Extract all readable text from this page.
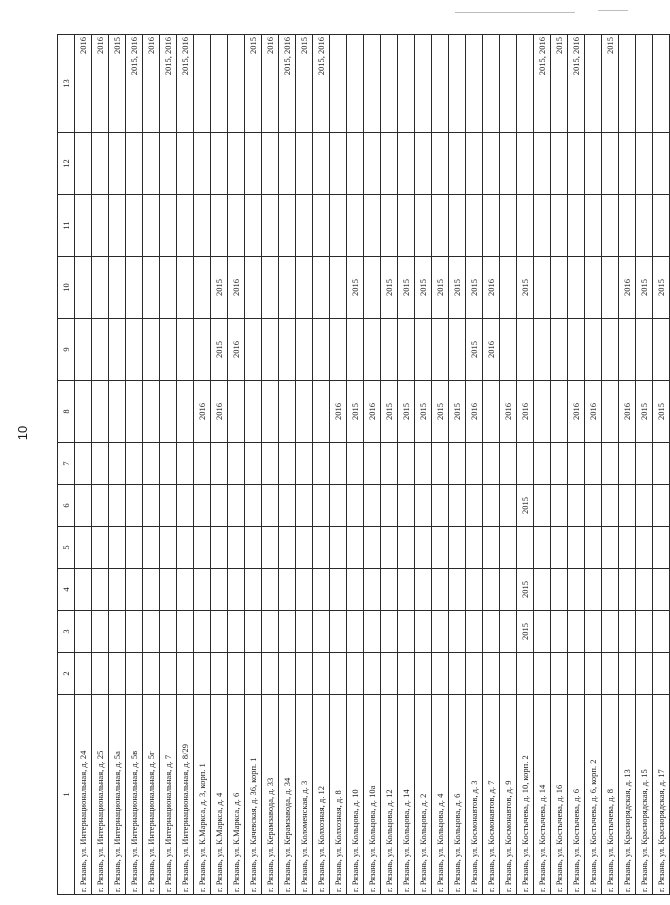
10
1	2	3	4	5	6	7	8	9	10	11	12	13
г. Рязань, ул. Интернациональная, д. 24												2016
г. Рязань, ул. Интернациональная, д. 25												2016
г. Рязань, ул. Интернациональная, д. 5а												2015
г. Рязань, ул. Интернациональная, д. 5в												2015, 2016
г. Рязань, ул. Интернациональная, д. 5г												2016
г. Рязань, ул. Интернациональная, д. 7												2015, 2016
г. Рязань, ул. Интернациональная, д. 8/29												2015, 2016
г. Рязань, ул. К.Маркса, д. 3, корп. 1							2016					
г. Рязань, ул. К.Маркса, д. 4							2016	2015	2015			
г. Рязань, ул. К.Маркса, д. 6								2016	2016			
г. Рязань, ул. Качевская, д. 36, корп. 1												2015
г. Рязань, ул. Керамзавода, д. 33												2016
г. Рязань, ул. Керамзавода, д. 34												2015, 2016
г. Рязань, ул. Коломенская, д. 3												2015
г. Рязань, ул. Колхозная, д. 12												2015, 2016
г. Рязань, ул. Колхозная, д. 8							2016					
г. Рязань, ул. Кольцова, д. 10							2015		2015			
г. Рязань, ул. Кольцова, д. 10а							2016					
г. Рязань, ул. Кольцова, д. 12							2015		2015			
г. Рязань, ул. Кольцова, д. 14							2015		2015			
г. Рязань, ул. Кольцова, д. 2							2015		2015			
г. Рязань, ул. Кольцова, д. 4							2015		2015			
г. Рязань, ул. Кольцова, д. 6							2015		2015			
г. Рязань, ул. Космонавтов, д. 3							2016	2015	2015			
г. Рязань, ул. Космонавтов, д. 7								2016	2016			
г. Рязань, ул. Космонавтов, д. 9							2016					
г. Рязань, ул. Костычева, д. 10, корп. 2		2015	2015		2015		2016		2015			
г. Рязань, ул. Костычева, д. 14												2015, 2016
г. Рязань, ул. Костычева, д. 16												2015
г. Рязань, ул. Костычева, д. 6							2016					2015, 2016
г. Рязань, ул. Костычева, д. 6, корп. 2							2016					
г. Рязань, ул. Костычева, д. 8												2015
г. Рязань, ул. Краснорядская, д. 13							2016		2016			
г. Рязань, ул. Краснорядская, д. 15							2015		2015			
г. Рязань, ул. Краснорядская, д. 17							2015		2015			
